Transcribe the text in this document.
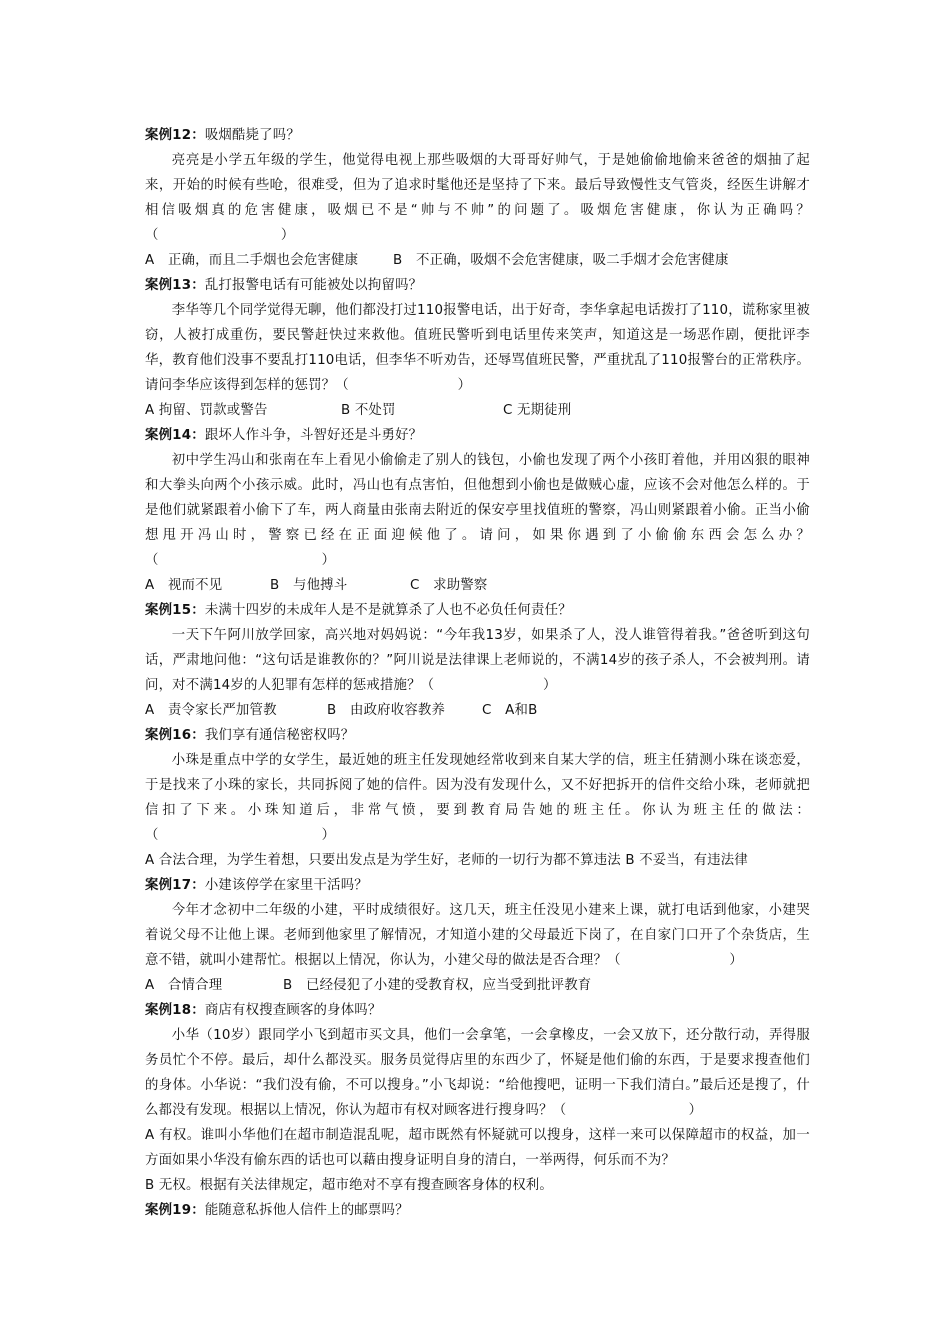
案例12：吸烟酷毙了吗？
亮亮是小学五年级的学生，他觉得电视上那些吸烟的大哥哥好帅气，于是她偷偷地偷来爸爸的烟抽了起来，开始的时候有些呛，很难受，但为了追求时髦他还是坚持了下来。最后导致慢性支气管炎，经医生讲解才相信吸烟真的危害健康，吸烟已不是“帅与不帅”的问题了。吸烟危害健康，你认为正确吗？（　　　　　　　　　）
A　正确，而且二手烟也会危害健康	B　不正确，吸烟不会危害健康，吸二手烟才会危害健康
案例13：乱打报警电话有可能被处以拘留吗？
李华等几个同学觉得无聊，他们都没打过110报警电话，出于好奇，李华拿起电话拨打了110，谎称家里被窃，人被打成重伤，要民警赶快过来救他。值班民警听到电话里传来笑声，知道这是一场恶作剧，便批评李华，教育他们没事不要乱打110电话，但李华不听劝告，还辱骂值班民警，严重扰乱了110报警台的正常秩序。请问李华应该得到怎样的惩罚？（　　　　　　　　）
A 拘留、罚款或警告	B 不处罚	C 无期徒刑
案例14：跟坏人作斗争，斗智好还是斗勇好？
初中学生冯山和张南在车上看见小偷偷走了别人的钱包，小偷也发现了两个小孩盯着他，并用凶狠的眼神和大拳头向两个小孩示威。此时，冯山也有点害怕，但他想到小偷也是做贼心虚，应该不会对他怎么样的。于是他们就紧跟着小偷下了车，两人商量由张南去附近的保安亭里找值班的警察，冯山则紧跟着小偷。正当小偷想甩开冯山时，警察已经在正面迎候他了。请问，如果你遇到了小偷偷东西会怎么办？（　　　　　　　　　　　　）
A　视而不见	B　与他搏斗	C　求助警察
案例15：未满十四岁的未成年人是不是就算杀了人也不必负任何责任？
一天下午阿川放学回家，高兴地对妈妈说：“今年我13岁，如果杀了人，没人谁管得着我。”爸爸听到这句话，严肃地问他：“这句话是谁教你的？”阿川说是法律课上老师说的，不满14岁的孩子杀人，不会被判刑。请问，对不满14岁的人犯罪有怎样的惩戒措施？（　　　　　　　　）
A　责令家长严加管教	B　由政府收容教养	C　A和B
案例16：我们享有通信秘密权吗？
小珠是重点中学的女学生，最近她的班主任发现她经常收到来自某大学的信，班主任猜测小珠在谈恋爱，于是找来了小珠的家长，共同拆阅了她的信件。因为没有发现什么，又不好把拆开的信件交给小珠，老师就把信扣了下来。小珠知道后，非常气愤，要到教育局告她的班主任。你认为班主任的做法：（　　　　　　　　　　　　）
A 合法合理，为学生着想，只要出发点是为学生好，老师的一切行为都不算违法 B 不妥当，有违法律
案例17：小建该停学在家里干活吗？
今年才念初中二年级的小建，平时成绩很好。这几天，班主任没见小建来上课，就打电话到他家，小建哭着说父母不让他上课。老师到他家里了解情况，才知道小建的父母最近下岗了，在自家门口开了个杂货店，生意不错，就叫小建帮忙。根据以上情况，你认为，小建父母的做法是否合理？（　　　　　　　　）
A　合情合理	B　已经侵犯了小建的受教育权，应当受到批评教育
案例18：商店有权搜查顾客的身体吗？
小华（10岁）跟同学小飞到超市买文具，他们一会拿笔，一会拿橡皮，一会又放下，还分散行动，弄得服务员忙个不停。最后，却什么都没买。服务员觉得店里的东西少了，怀疑是他们偷的东西，于是要求搜查他们的身体。小华说：“我们没有偷，不可以搜身。”小飞却说：“给他搜吧，证明一下我们清白。”最后还是搜了，什么都没有发现。根据以上情况，你认为超市有权对顾客进行搜身吗？（　　　　　　　　　）
A 有权。谁叫小华他们在超市制造混乱呢，超市既然有怀疑就可以搜身，这样一来可以保障超市的权益，加一方面如果小华没有偷东西的话也可以藉由搜身证明自身的清白，一举两得，何乐而不为？
B 无权。根据有关法律规定，超市绝对不享有搜查顾客身体的权利。
案例19：能随意私拆他人信件上的邮票吗？
